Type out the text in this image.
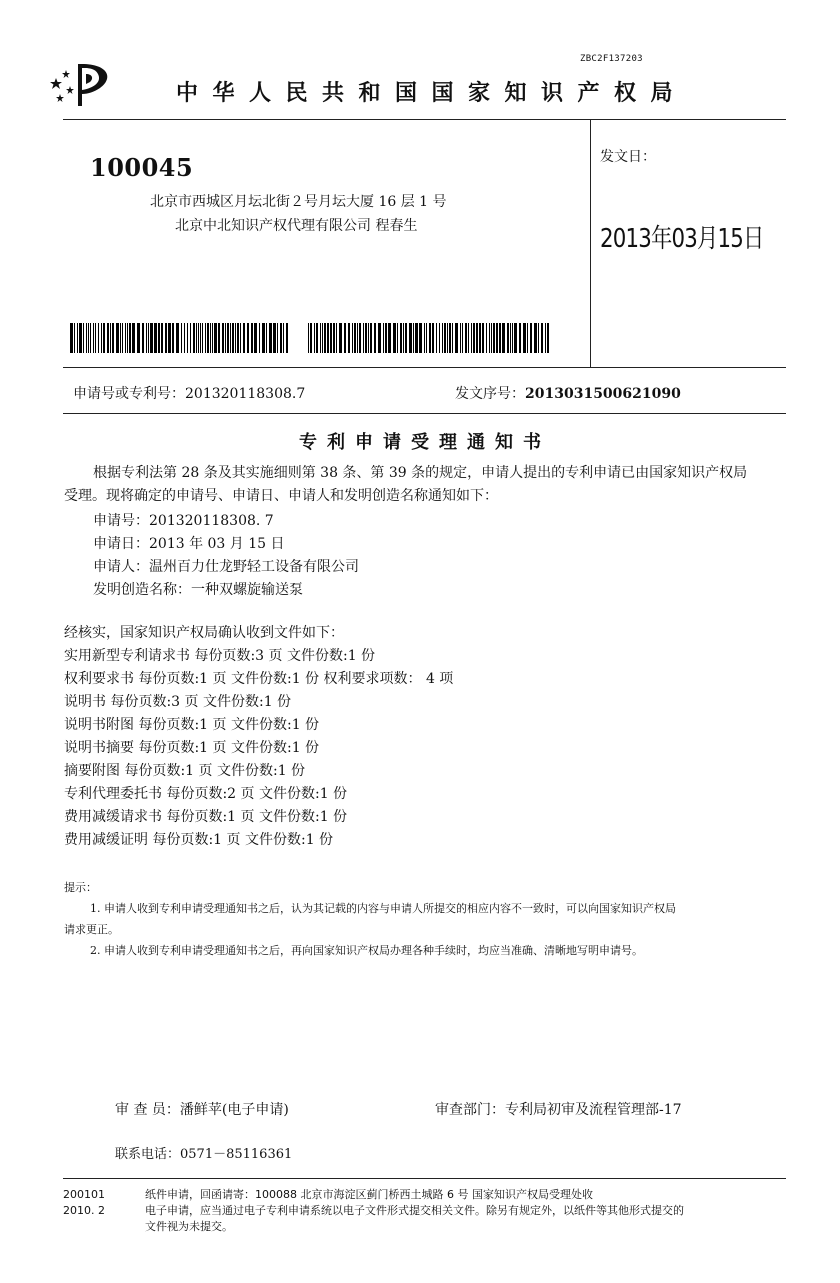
ZBC2F137203
中华人民共和国国家知识产权局
100045
北京市西城区月坛北街２号月坛大厦 16 层 1 号
北京中北知识产权代理有限公司 程春生
发文日：
2013年03月15日
申请号或专利号：201320118308.7	发文序号：2013031500621090
专利申请受理通知书
根据专利法第 28 条及其实施细则第 38 条、第 39 条的规定，申请人提出的专利申请已由国家知识产权局
受理。现将确定的申请号、申请日、申请人和发明创造名称通知如下：
申请号：201320118308. 7
申请日：2013 年 03 月 15 日
申请人：温州百力仕龙野轻工设备有限公司
发明创造名称：一种双螺旋输送泵
经核实，国家知识产权局确认收到文件如下：
实用新型专利请求书 每份页数:3 页 文件份数:1 份
权利要求书 每份页数:1 页 文件份数:1 份 权利要求项数： 4 项
说明书 每份页数:3 页 文件份数:1 份
说明书附图 每份页数:1 页 文件份数:1 份
说明书摘要 每份页数:1 页 文件份数:1 份
摘要附图 每份页数:1 页 文件份数:1 份
专利代理委托书 每份页数:2 页 文件份数:1 份
费用减缓请求书 每份页数:1 页 文件份数:1 份
费用减缓证明 每份页数:1 页 文件份数:1 份
提示：
1. 申请人收到专利申请受理通知书之后，认为其记载的内容与申请人所提交的相应内容不一致时，可以向国家知识产权局
请求更正。
2. 申请人收到专利申请受理通知书之后，再向国家知识产权局办理各种手续时，均应当准确、清晰地写明申请号。
审 查 员：潘鲜苹(电子申请)	审查部门：专利局初审及流程管理部-17
联系电话：0571－85116361
200101
2010. 2
纸件申请，回函请寄：100088 北京市海淀区蓟门桥西土城路 6 号 国家知识产权局受理处收
电子申请，应当通过电子专利申请系统以电子文件形式提交相关文件。除另有规定外，以纸件等其他形式提交的
文件视为未提交。
